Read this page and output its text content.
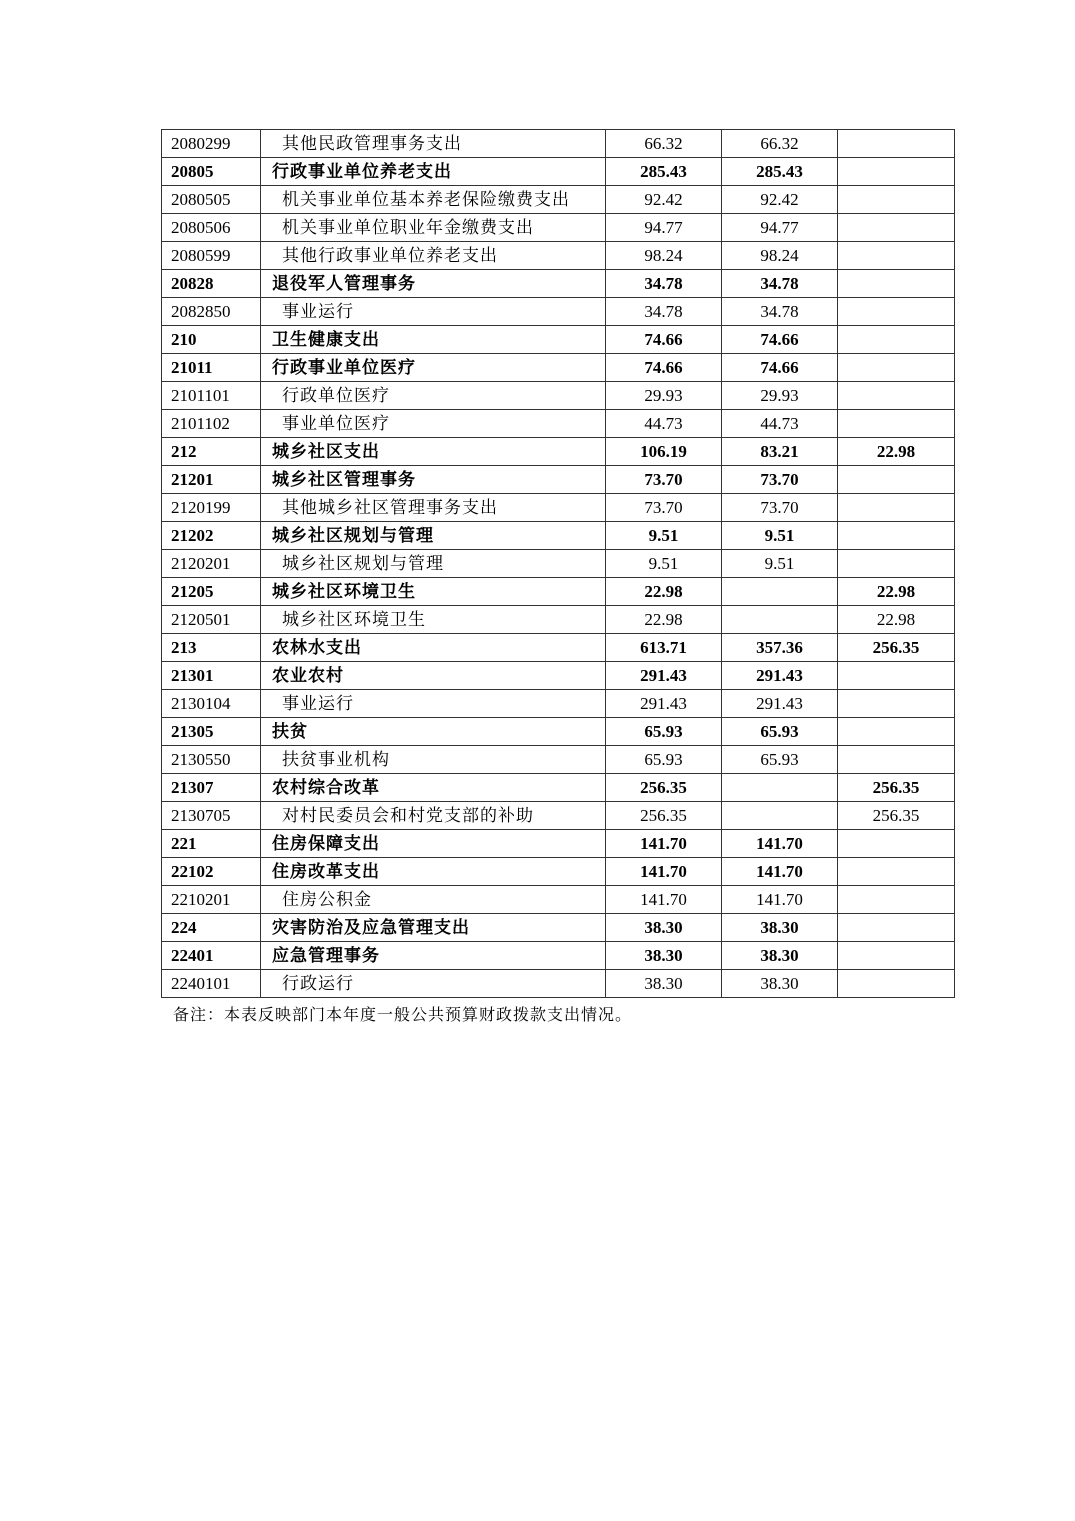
2080299	其他民政管理事务支出	66.32	66.32	
20805	行政事业单位养老支出	285.43	285.43	
2080505	机关事业单位基本养老保险缴费支出	92.42	92.42	
2080506	机关事业单位职业年金缴费支出	94.77	94.77	
2080599	其他行政事业单位养老支出	98.24	98.24	
20828	退役军人管理事务	34.78	34.78	
2082850	事业运行	34.78	34.78	
210	卫生健康支出	74.66	74.66	
21011	行政事业单位医疗	74.66	74.66	
2101101	行政单位医疗	29.93	29.93	
2101102	事业单位医疗	44.73	44.73	
212	城乡社区支出	106.19	83.21	22.98
21201	城乡社区管理事务	73.70	73.70	
2120199	其他城乡社区管理事务支出	73.70	73.70	
21202	城乡社区规划与管理	9.51	9.51	
2120201	城乡社区规划与管理	9.51	9.51	
21205	城乡社区环境卫生	22.98		22.98
2120501	城乡社区环境卫生	22.98		22.98
213	农林水支出	613.71	357.36	256.35
21301	农业农村	291.43	291.43	
2130104	事业运行	291.43	291.43	
21305	扶贫	65.93	65.93	
2130550	扶贫事业机构	65.93	65.93	
21307	农村综合改革	256.35		256.35
2130705	对村民委员会和村党支部的补助	256.35		256.35
221	住房保障支出	141.70	141.70	
22102	住房改革支出	141.70	141.70	
2210201	住房公积金	141.70	141.70	
224	灾害防治及应急管理支出	38.30	38.30	
22401	应急管理事务	38.30	38.30	
2240101	行政运行	38.30	38.30	
备注：本表反映部门本年度一般公共预算财政拨款支出情况。
